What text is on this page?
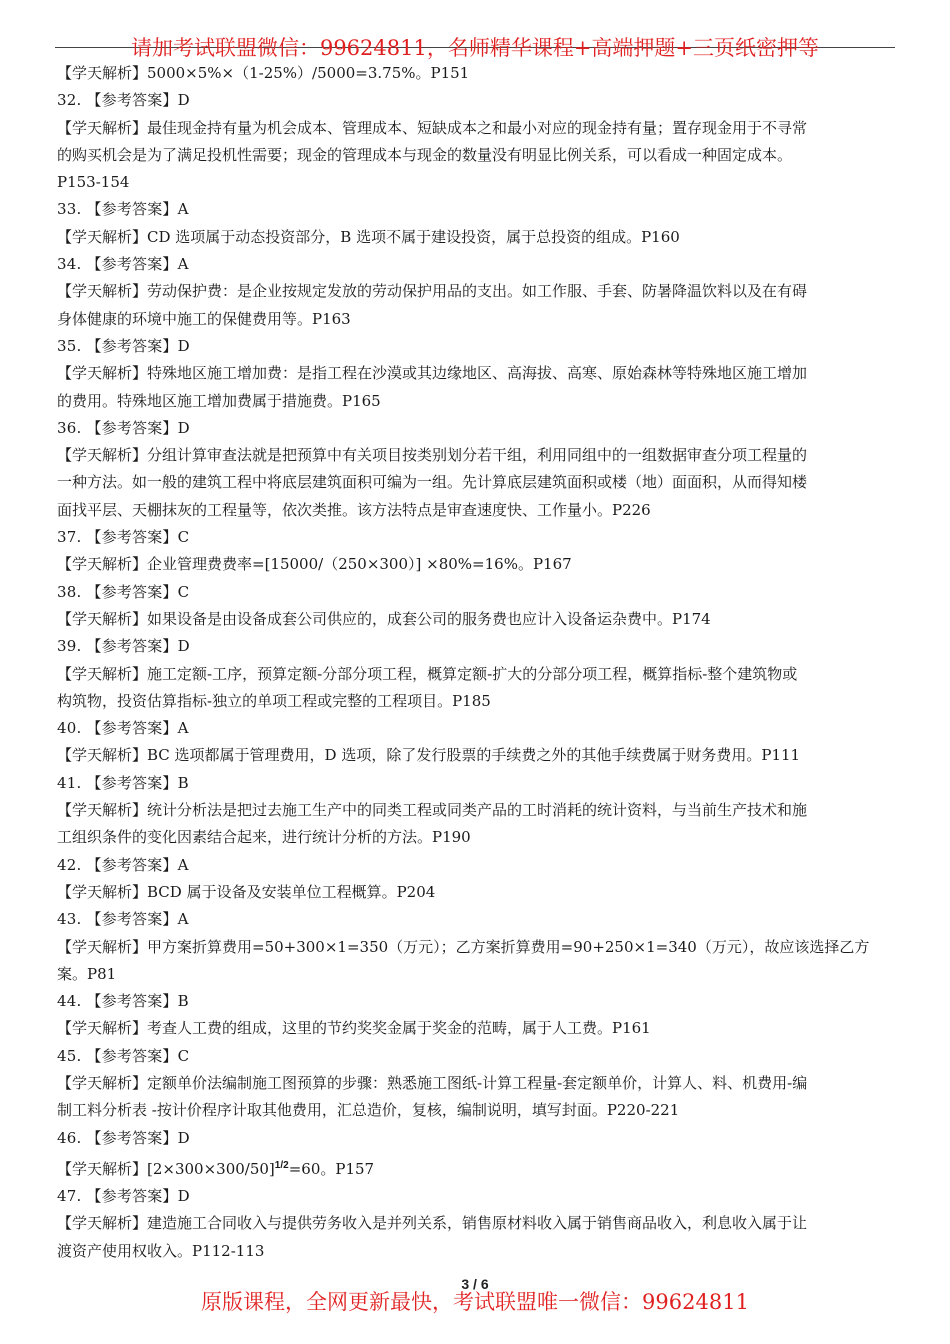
请加考试联盟微信：99624811，名师精华课程+高端押题+三页纸密押等
【学天解析】5000×5%×（1-25%）/5000=3.75%。P151
32. 【参考答案】D
【学天解析】最佳现金持有量为机会成本、管理成本、短缺成本之和最小对应的现金持有量；置存现金用于不寻常
的购买机会是为了满足投机性需要；现金的管理成本与现金的数量没有明显比例关系，可以看成一种固定成本。
P153-154
33. 【参考答案】A
【学天解析】CD 选项属于动态投资部分，B 选项不属于建设投资，属于总投资的组成。P160
34. 【参考答案】A
【学天解析】劳动保护费：是企业按规定发放的劳动保护用品的支出。如工作服、手套、防暑降温饮料以及在有碍
身体健康的环境中施工的保健费用等。P163
35. 【参考答案】D
【学天解析】特殊地区施工增加费：是指工程在沙漠或其边缘地区、高海拔、高寒、原始森林等特殊地区施工增加
的费用。特殊地区施工增加费属于措施费。P165
36. 【参考答案】D
【学天解析】分组计算审查法就是把预算中有关项目按类别划分若干组，利用同组中的一组数据审查分项工程量的
一种方法。如一般的建筑工程中将底层建筑面积可编为一组。先计算底层建筑面积或楼（地）面面积，从而得知楼
面找平层、天棚抹灰的工程量等，依次类推。该方法特点是审查速度快、工作量小。P226
37. 【参考答案】C
【学天解析】企业管理费费率=[15000/（250×300）] ×80%=16%。P167
38. 【参考答案】C
【学天解析】如果设备是由设备成套公司供应的，成套公司的服务费也应计入设备运杂费中。P174
39. 【参考答案】D
【学天解析】施工定额-工序，预算定额-分部分项工程，概算定额-扩大的分部分项工程，概算指标-整个建筑物或
构筑物，投资估算指标-独立的单项工程或完整的工程项目。P185
40. 【参考答案】A
【学天解析】BC 选项都属于管理费用，D 选项，除了发行股票的手续费之外的其他手续费属于财务费用。P111
41. 【参考答案】B
【学天解析】统计分析法是把过去施工生产中的同类工程或同类产品的工时消耗的统计资料，与当前生产技术和施
工组织条件的变化因素结合起来，进行统计分析的方法。P190
42. 【参考答案】A
【学天解析】BCD 属于设备及安装单位工程概算。P204
43. 【参考答案】A
【学天解析】甲方案折算费用=50+300×1=350（万元）；乙方案折算费用=90+250×1=340（万元），故应该选择乙方
案。P81
44. 【参考答案】B
【学天解析】考查人工费的组成，这里的节约奖奖金属于奖金的范畴，属于人工费。P161
45. 【参考答案】C
【学天解析】定额单价法编制施工图预算的步骤：熟悉施工图纸-计算工程量-套定额单价，计算人、料、机费用-编
制工料分析表 -按计价程序计取其他费用，汇总造价，复核，编制说明，填写封面。P220-221
46. 【参考答案】D
【学天解析】$[2\times 300\times 300/50]^{1/2}=60$。P157
47. 【参考答案】D
【学天解析】建造施工合同收入与提供劳务收入是并列关系，销售原材料收入属于销售商品收入，利息收入属于让
渡资产使用权收入。P112-113
3 / 6
原版课程，全网更新最快，考试联盟唯一微信：99624811
